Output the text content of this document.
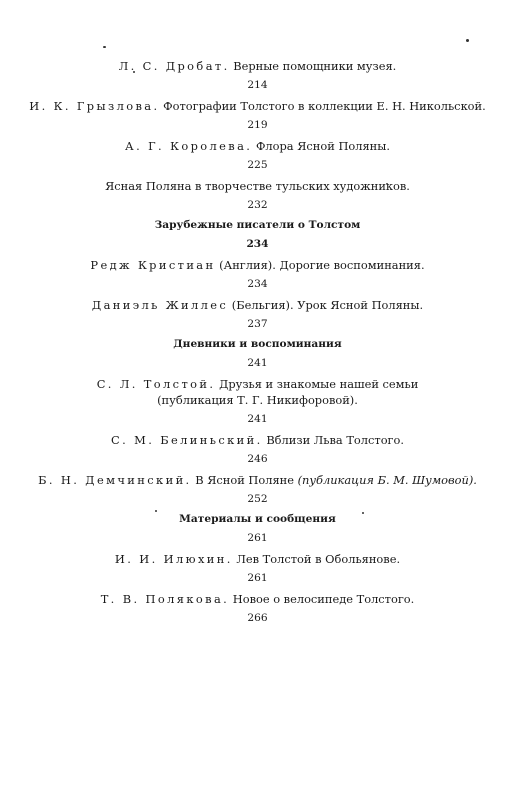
Л. С. Дробат. Верные помощники музея.
214
И. К. Грызлова. Фотографии Толстого в коллекции Е. Н. Никольской.
219
А. Г. Королева. Флора Ясной Поляны.
225
Ясная Поляна в творчестве тульских художников.
232
Зарубежные писатели о Толстом
234
Редж Кристиан (Англия). Дорогие воспоминания.
234
Даниэль Жиллес (Бельгия). Урок Ясной Поляны.
237
Дневники и воспоминания
241
С. Л. Толстой. Друзья и знакомые нашей семьи
(публикация Т. Г. Никифоровой).
241
С. М. Белиньский. Вблизи Льва Толстого.
246
Б. Н. Демчинский. В Ясной Поляне (публикация Б. М. Шумовой).
252
Материалы и сообщения
261
И. И. Илюхин. Лев Толстой в Обольянове.
261
Т. В. Полякова. Новое о велосипеде Толстого.
266
